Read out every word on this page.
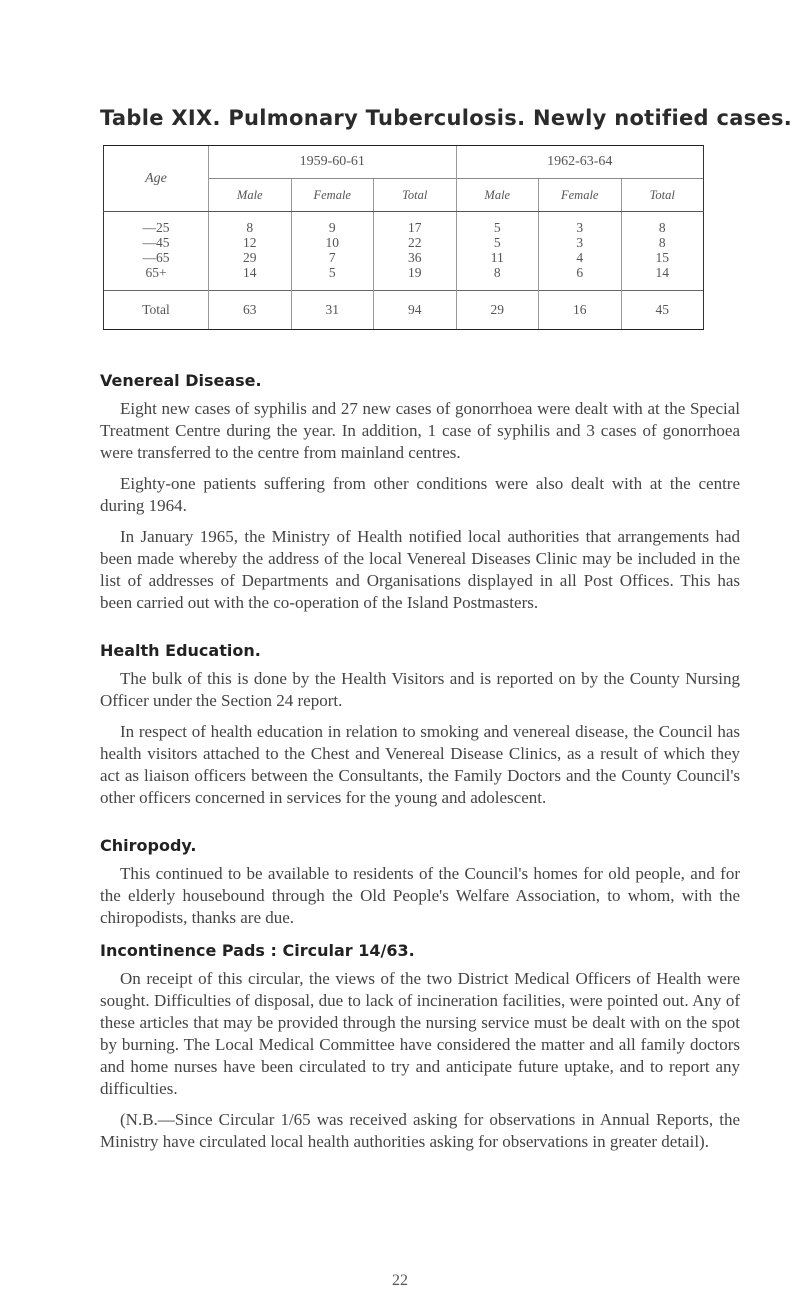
Table XIX. Pulmonary Tuberculosis. Newly notified cases.
Age	1959-60-61			1962-63-64		
	Male	Female	Total	Male	Female	Total
—25	8	9	17	5	3	8
—45	12	10	22	5	3	8
—65	29	7	36	11	4	15
65+	14	5	19	8	6	14
Total	63	31	94	29	16	45
Venereal Disease.

Eight new cases of syphilis and 27 new cases of gonorrhoea were dealt with at the Special Treatment Centre during the year. In addition, 1 case of syphilis and 3 cases of gonorrhoea were transferred to the centre from mainland centres.

Eighty-one patients suffering from other conditions were also dealt with at the centre during 1964.

In January 1965, the Ministry of Health notified local authorities that arrangements had been made whereby the address of the local Venereal Diseases Clinic may be included in the list of addresses of Departments and Organisations displayed in all Post Offices. This has been carried out with the co-operation of the Island Postmasters.

Health Education.

The bulk of this is done by the Health Visitors and is reported on by the County Nursing Officer under the Section 24 report.

In respect of health education in relation to smoking and venereal disease, the Council has health visitors attached to the Chest and Venereal Disease Clinics, as a result of which they act as liaison officers between the Consultants, the Family Doctors and the County Council's other officers concerned in services for the young and adolescent.

Chiropody.

This continued to be available to residents of the Council's homes for old people, and for the elderly housebound through the Old People's Welfare Association, to whom, with the chiropodists, thanks are due.

Incontinence Pads : Circular 14/63.

On receipt of this circular, the views of the two District Medical Officers of Health were sought. Difficulties of disposal, due to lack of incineration facilities, were pointed out. Any of these articles that may be provided through the nursing service must be dealt with on the spot by burning. The Local Medical Committee have considered the matter and all family doctors and home nurses have been circulated to try and anticipate future uptake, and to report any difficulties.

(N.B.—Since Circular 1/65 was received asking for observations in Annual Reports, the Ministry have circulated local health authorities asking for observations in greater detail).

22
